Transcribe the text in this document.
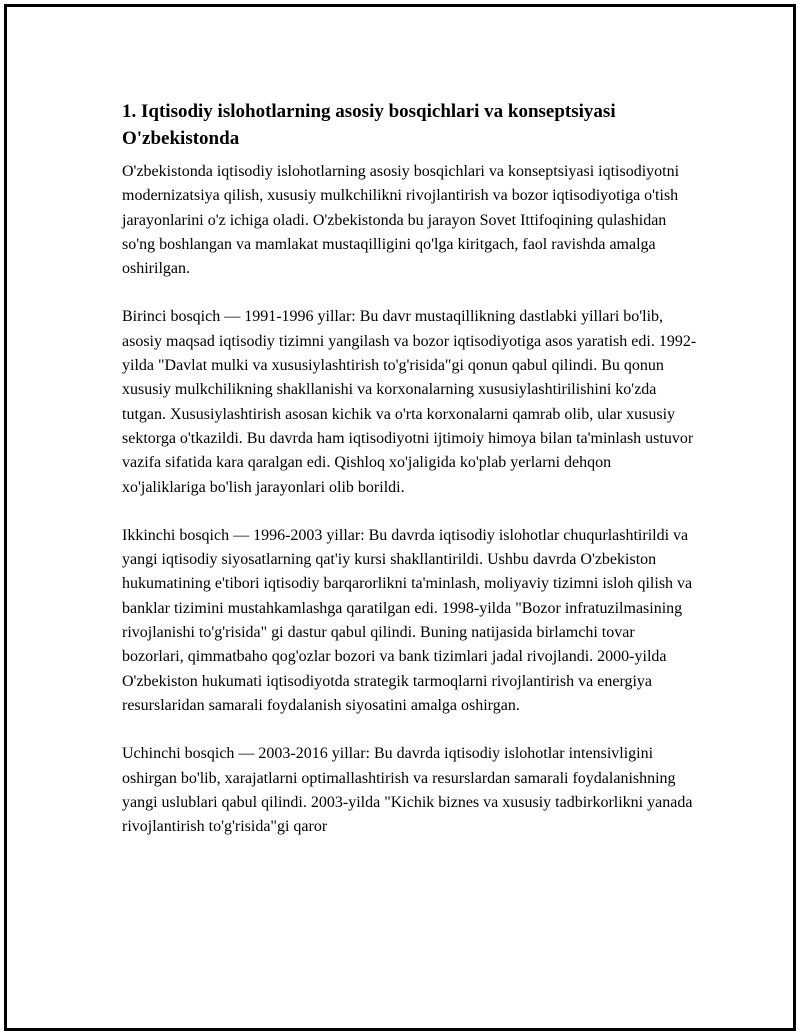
1. Iqtisodiy islohotlarning asosiy bosqichlari va konseptsiyasi O'zbekistonda

O'zbekistonda iqtisodiy islohotlarning asosiy bosqichlari va konseptsiyasi iqtisodiyotni modernizatsiya qilish, xususiy mulkchilikni rivojlantirish va bozor iqtisodiyotiga o'tish jarayonlarini o'z ichiga oladi. O'zbekistonda bu jarayon Sovet Ittifoqining qulashidan so'ng boshlangan va mamlakat mustaqilligini qo'lga kiritgach, faol ravishda amalga oshirilgan.

Birinci bosqich — 1991-1996 yillar: Bu davr mustaqillikning dastlabki yillari bo'lib, asosiy maqsad iqtisodiy tizimni yangilash va bozor iqtisodiyotiga asos yaratish edi. 1992-yilda "Davlat mulki va xususiylashtirish to'g'risida"gi qonun qabul qilindi. Bu qonun xususiy mulkchilikning shakllanishi va korxonalarning xususiylashtirilishini ko'zda tutgan. Xususiylashtirish asosan kichik va o'rta korxonalarni qamrab olib, ular xususiy sektorga o'tkazildi. Bu davrda ham iqtisodiyotni ijtimoiy himoya bilan ta'minlash ustuvor vazifa sifatida kara qaralgan edi. Qishloq xo'jaligida ko'plab yerlarni dehqon xo'jaliklariga bo'lish jarayonlari olib borildi.

Ikkinchi bosqich — 1996-2003 yillar: Bu davrda iqtisodiy islohotlar chuqurlashtirildi va yangi iqtisodiy siyosatlarning qat'iy kursi shakllantirildi. Ushbu davrda O'zbekiston hukumatining e'tibori iqtisodiy barqarorlikni ta'minlash, moliyaviy tizimni isloh qilish va banklar tizimini mustahkamlashga qaratilgan edi. 1998-yilda "Bozor infratuzilmasining rivojlanishi to'g'risida" gi dastur qabul qilindi. Buning natijasida birlamchi tovar bozorlari, qimmatbaho qog'ozlar bozori va bank tizimlari jadal rivojlandi. 2000-yilda O'zbekiston hukumati iqtisodiyotda strategik tarmoqlarni rivojlantirish va energiya resurslaridan samarali foydalanish siyosatini amalga oshirgan.

Uchinchi bosqich — 2003-2016 yillar: Bu davrda iqtisodiy islohotlar intensivligini oshirgan bo'lib, xarajatlarni optimallashtirish va resurslardan samarali foydalanishning yangi uslublari qabul qilindi. 2003-yilda "Kichik biznes va xususiy tadbirkorlikni yanada rivojlantirish to'g'risida"gi qaror
